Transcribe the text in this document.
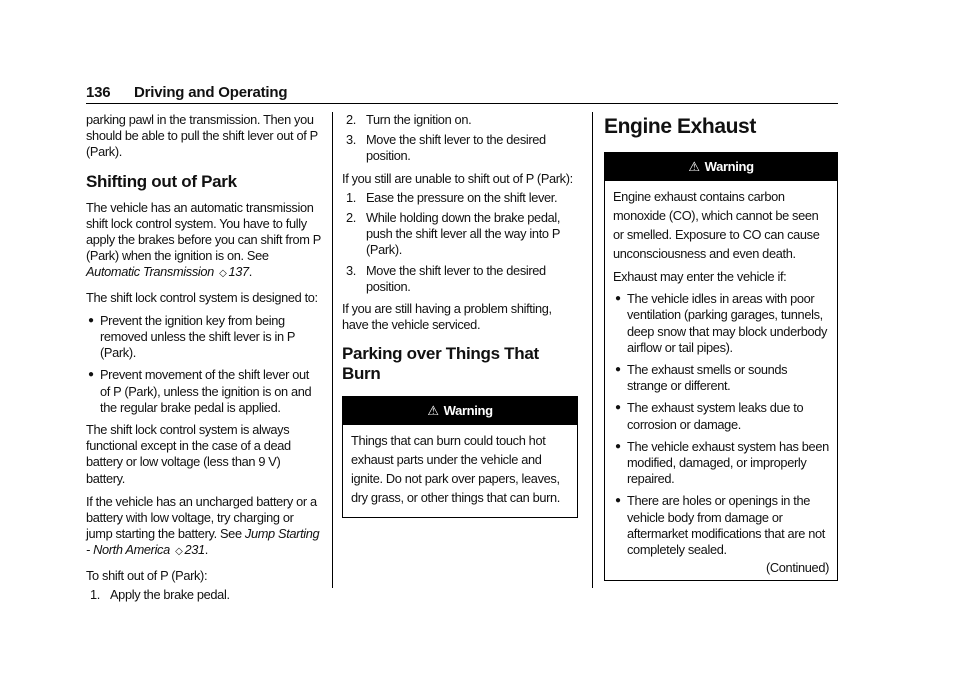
136 Driving and Operating

parking pawl in the transmission. Then you should be able to pull the shift lever out of P (Park).

Shifting out of Park

The vehicle has an automatic transmission shift lock control system. You have to fully apply the brakes before you can shift from P (Park) when the ignition is on. See Automatic Transmission ◇ 137.

The shift lock control system is designed to:

● Prevent the ignition key from being removed unless the shift lever is in P (Park).
● Prevent movement of the shift lever out of P (Park), unless the ignition is on and the regular brake pedal is applied.

The shift lock control system is always functional except in the case of a dead battery or low voltage (less than 9 V) battery.

If the vehicle has an uncharged battery or a battery with low voltage, try charging or jump starting the battery. See Jump Starting - North America ◇ 231.

To shift out of P (Park):

1. Apply the brake pedal.
2. Turn the ignition on.
3. Move the shift lever to the desired position.

If you still are unable to shift out of P (Park):

1. Ease the pressure on the shift lever.
2. While holding down the brake pedal, push the shift lever all the way into P (Park).
3. Move the shift lever to the desired position.

If you are still having a problem shifting, have the vehicle serviced.

Parking over Things That Burn
⚠ Warning

Things that can burn could touch hot exhaust parts under the vehicle and ignite. Do not park over papers, leaves, dry grass, or other things that can burn.

Engine Exhaust
⚠ Warning

Engine exhaust contains carbon monoxide (CO), which cannot be seen or smelled. Exposure to CO can cause unconsciousness and even death.

Exhaust may enter the vehicle if:

● The vehicle idles in areas with poor ventilation (parking garages, tunnels, deep snow that may block underbody airflow or tail pipes).
● The exhaust smells or sounds strange or different.
● The exhaust system leaks due to corrosion or damage.
● The vehicle exhaust system has been modified, damaged, or improperly repaired.
● There are holes or openings in the vehicle body from damage or aftermarket modifications that are not completely sealed.
(Continued)
